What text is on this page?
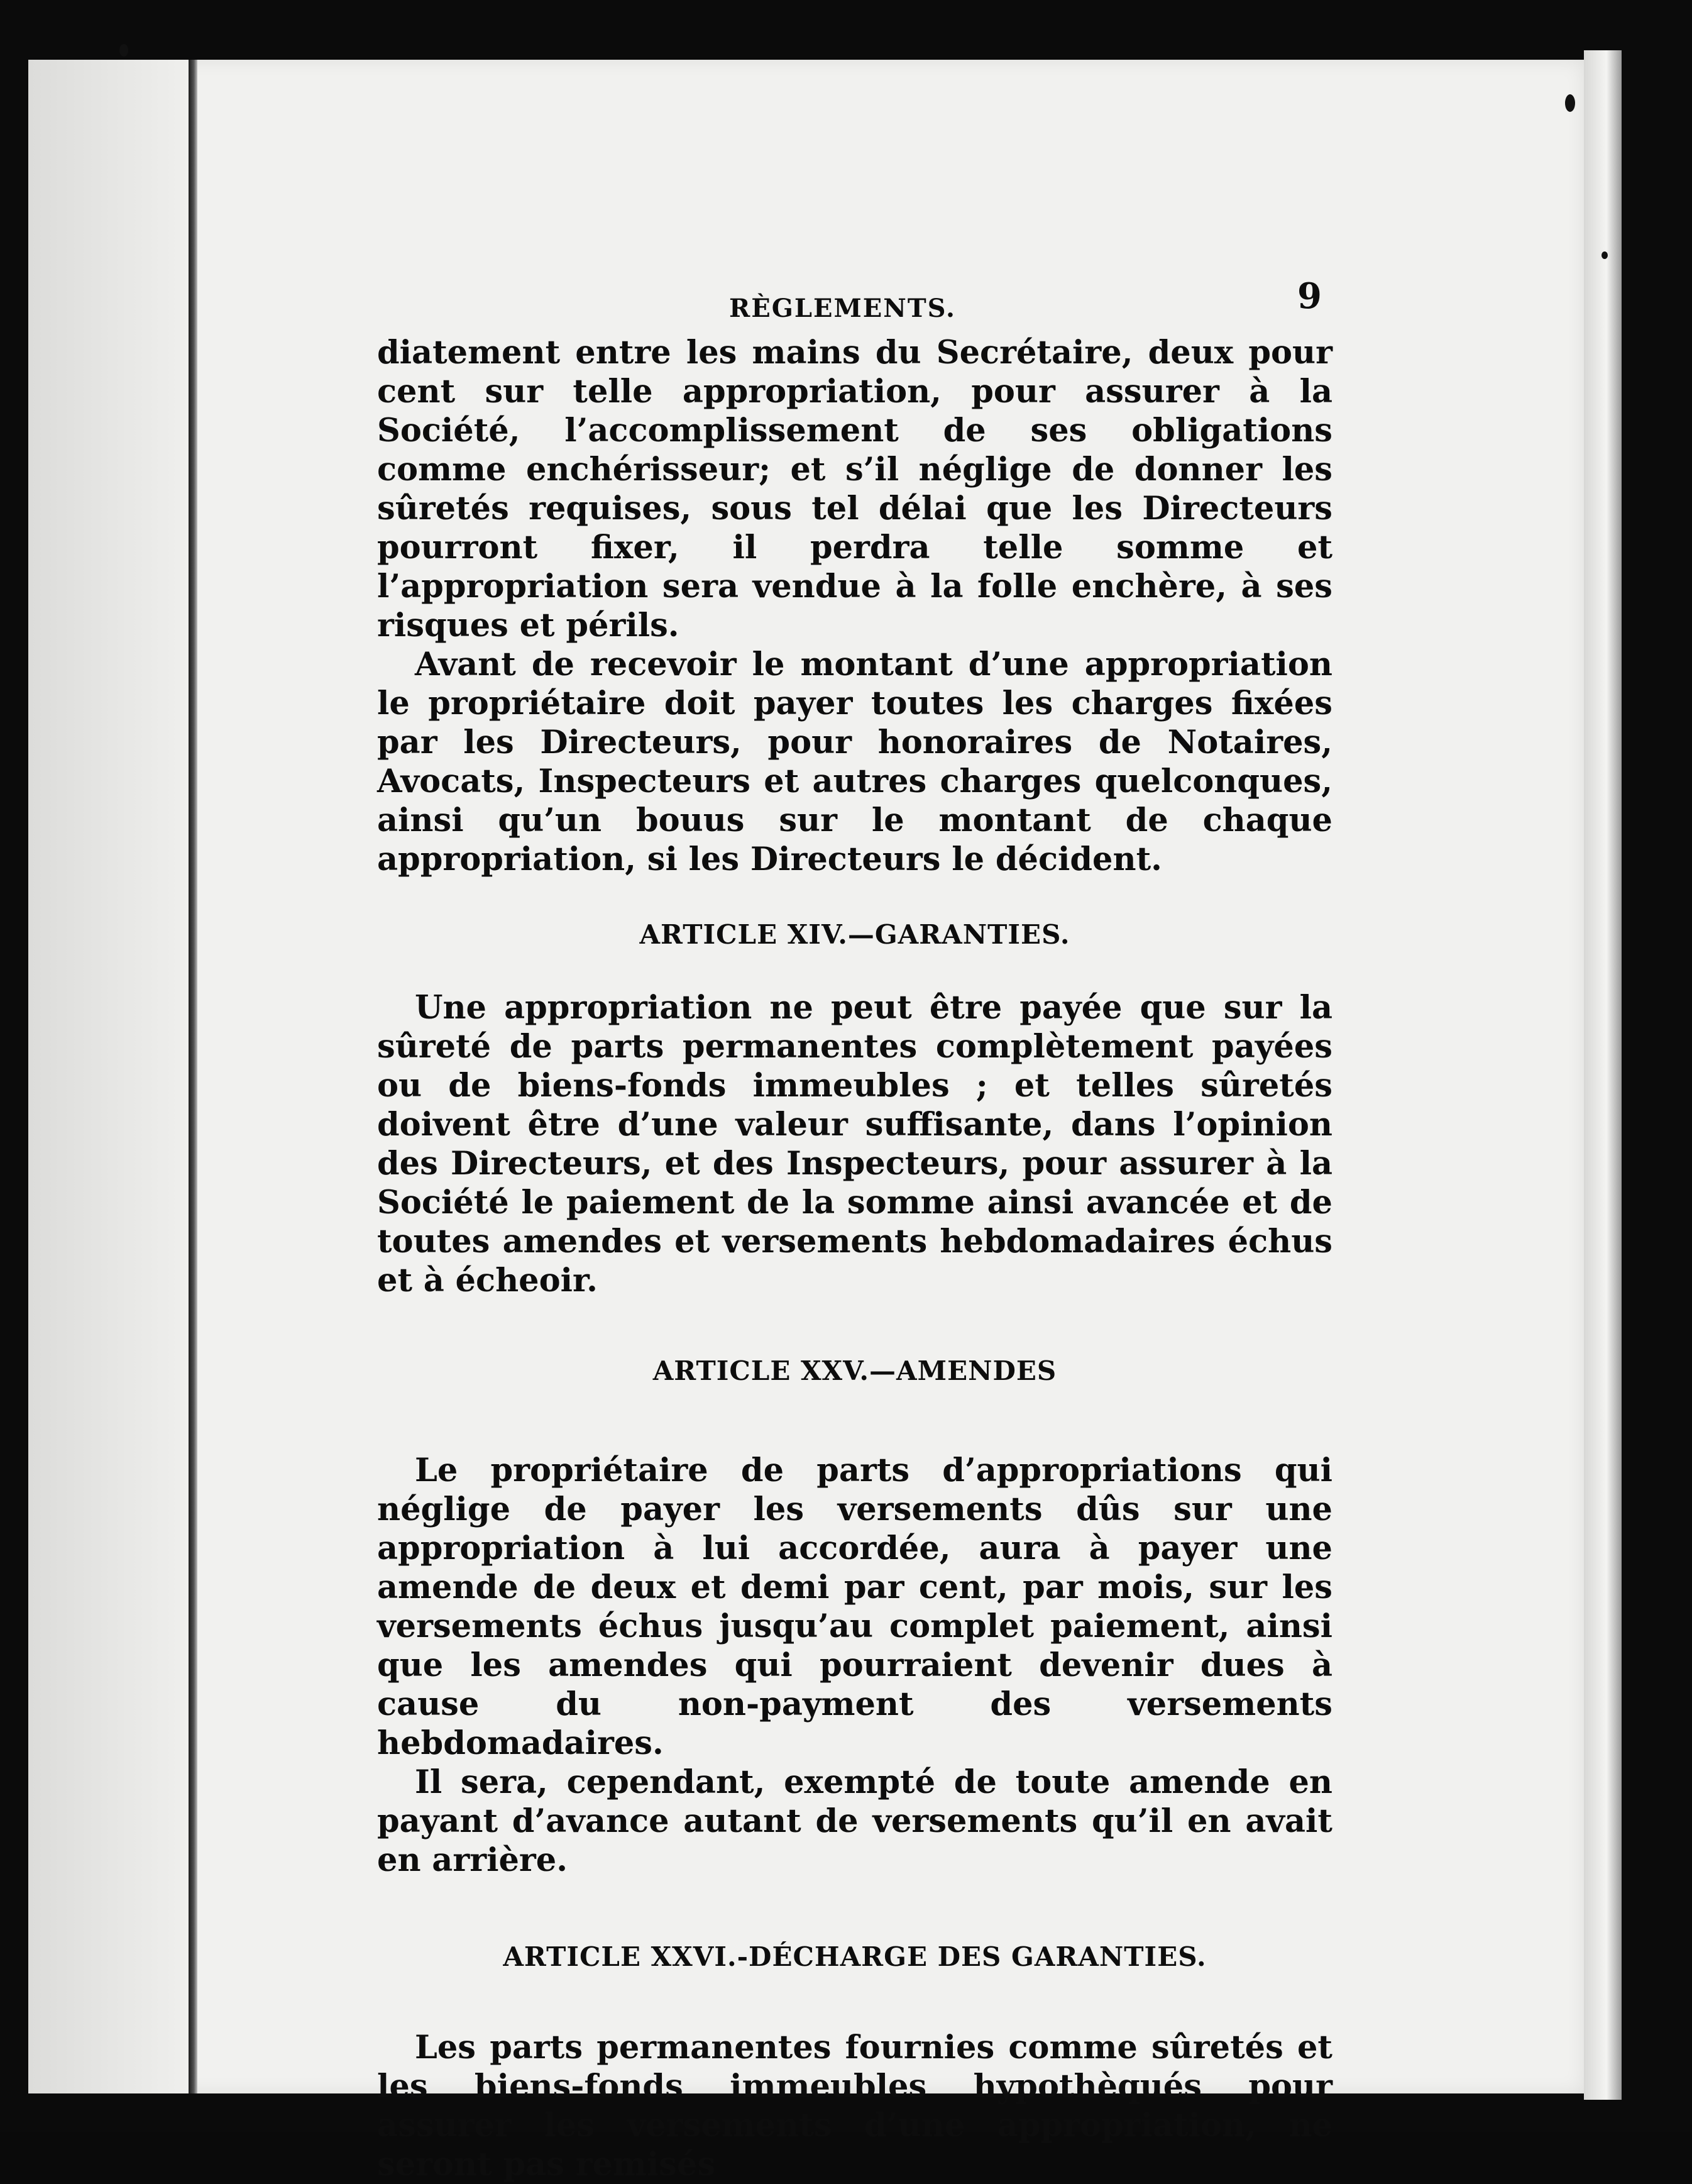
RÈGLEMENTS.	9

diatement entre les mains du Secrétaire, deux pour cent sur telle appropriation, pour assurer à la Société, l’accomplissement de ses obligations comme enchérisseur; et s’il néglige de donner les sûretés requises, sous tel délai que les Directeurs pourront fixer, il perdra telle somme et l’appropriation sera vendue à la folle enchère, à ses risques et périls.

Avant de recevoir le montant d’une appropriation le propriétaire doit payer toutes les charges fixées par les Directeurs, pour honoraires de Notaires, Avocats, Inspecteurs et autres charges quelconques, ainsi qu’un bouus sur le montant de chaque appropriation, si les Directeurs le décident.

ARTICLE XIV.—GARANTIES.

Une appropriation ne peut être payée que sur la sûreté de parts permanentes complètement payées ou de biens-fonds immeubles ; et telles sûretés doivent être d’une valeur suffisante, dans l’opinion des Directeurs, et des Inspecteurs, pour assurer à la Société le paiement de la somme ainsi avancée et de toutes amendes et versements hebdomadaires échus et à écheoir.

ARTICLE XXV.—AMENDES

Le propriétaire de parts d’appropriations qui néglige de payer les versements dûs sur une appropriation à lui accordée, aura à payer une amende de deux et demi par cent, par mois, sur les versements échus jusqu’au complet paiement, ainsi que les amendes qui pourraient devenir dues à cause du non-payment des versements hebdomadaires.

Il sera, cependant, exempté de toute amende en payant d’avance autant de versements qu’il en avait en arrière.

ARTICLE XXVI.-DÉCHARGE DES GARANTIES.

Les parts permanentes fournies comme sûretés et les biens-fonds immeubles hypothèqués pour assurer les versements d’une appropriation, ne seront pas remisés
